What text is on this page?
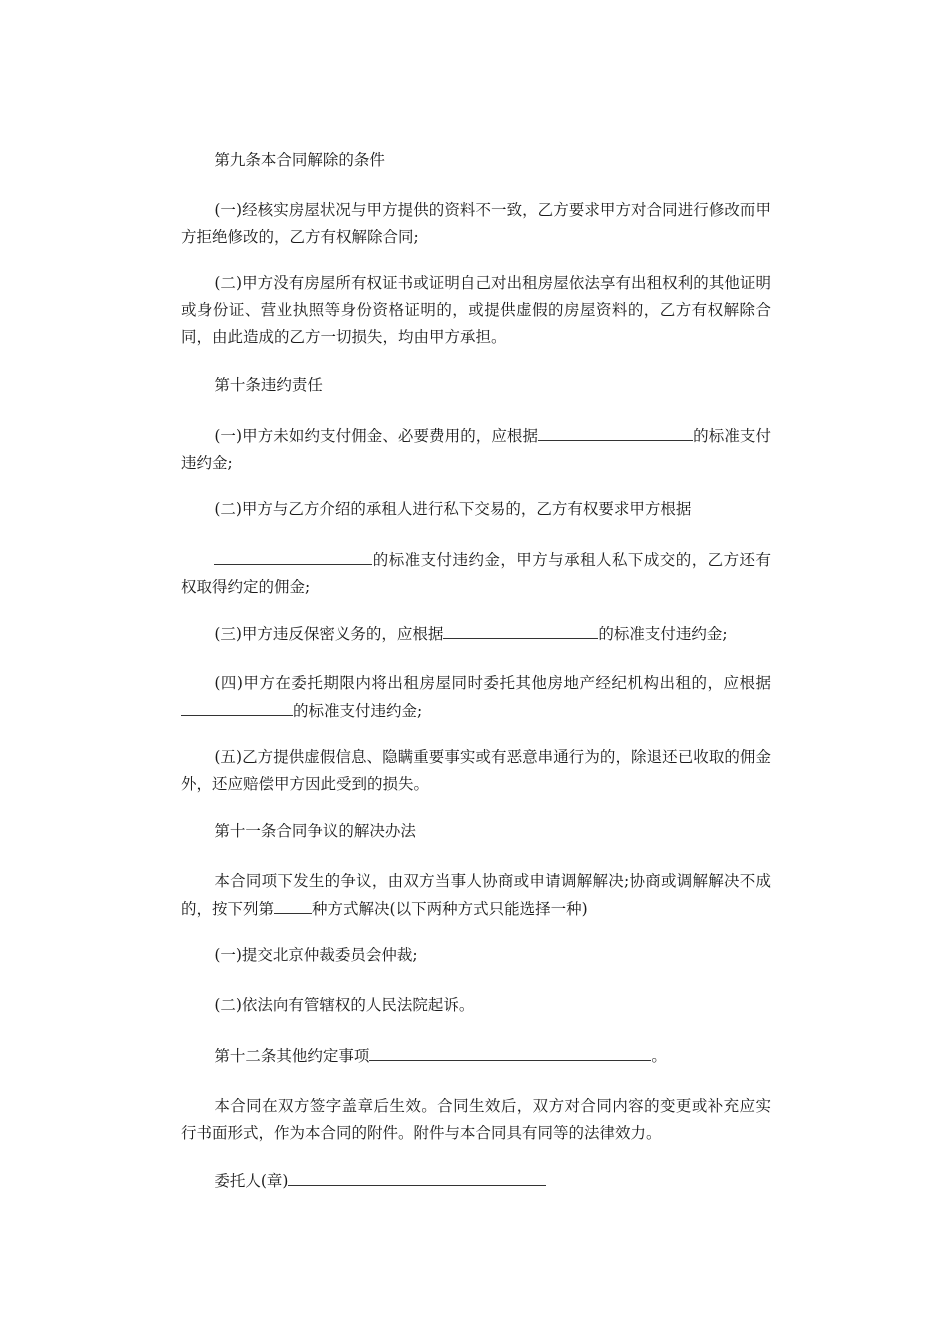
第九条本合同解除的条件

(一)经核实房屋状况与甲方提供的资料不一致，乙方要求甲方对合同进行修改而甲方拒绝修改的，乙方有权解除合同;

(二)甲方没有房屋所有权证书或证明自己对出租房屋依法享有出租权利的其他证明或身份证、营业执照等身份资格证明的，或提供虚假的房屋资料的，乙方有权解除合同，由此造成的乙方一切损失，均由甲方承担。

第十条违约责任

(一)甲方未如约支付佣金、必要费用的，应根据	的标准支付违约金;

(二)甲方与乙方介绍的承租人进行私下交易的，乙方有权要求甲方根据

的标准支付违约金，甲方与承租人私下成交的，乙方还有权取得约定的佣金;

(三)甲方违反保密义务的，应根据	的标准支付违约金;

(四)甲方在委托期限内将出租房屋同时委托其他房地产经纪机构出租的，应根据的标准支付违约金;

(五)乙方提供虚假信息、隐瞒重要事实或有恶意串通行为的，除退还已收取的佣金外，还应赔偿甲方因此受到的损失。

第十一条合同争议的解决办法

本合同项下发生的争议，由双方当事人协商或申请调解解决;协商或调解解决不成的，按下列第 种方式解决(以下两种方式只能选择一种)

(一)提交北京仲裁委员会仲裁;

(二)依法向有管辖权的人民法院起诉。

第十二条其他约定事项	。

本合同在双方签字盖章后生效。合同生效后，双方对合同内容的变更或补充应实行书面形式，作为本合同的附件。附件与本合同具有同等的法律效力。

委托人(章)
